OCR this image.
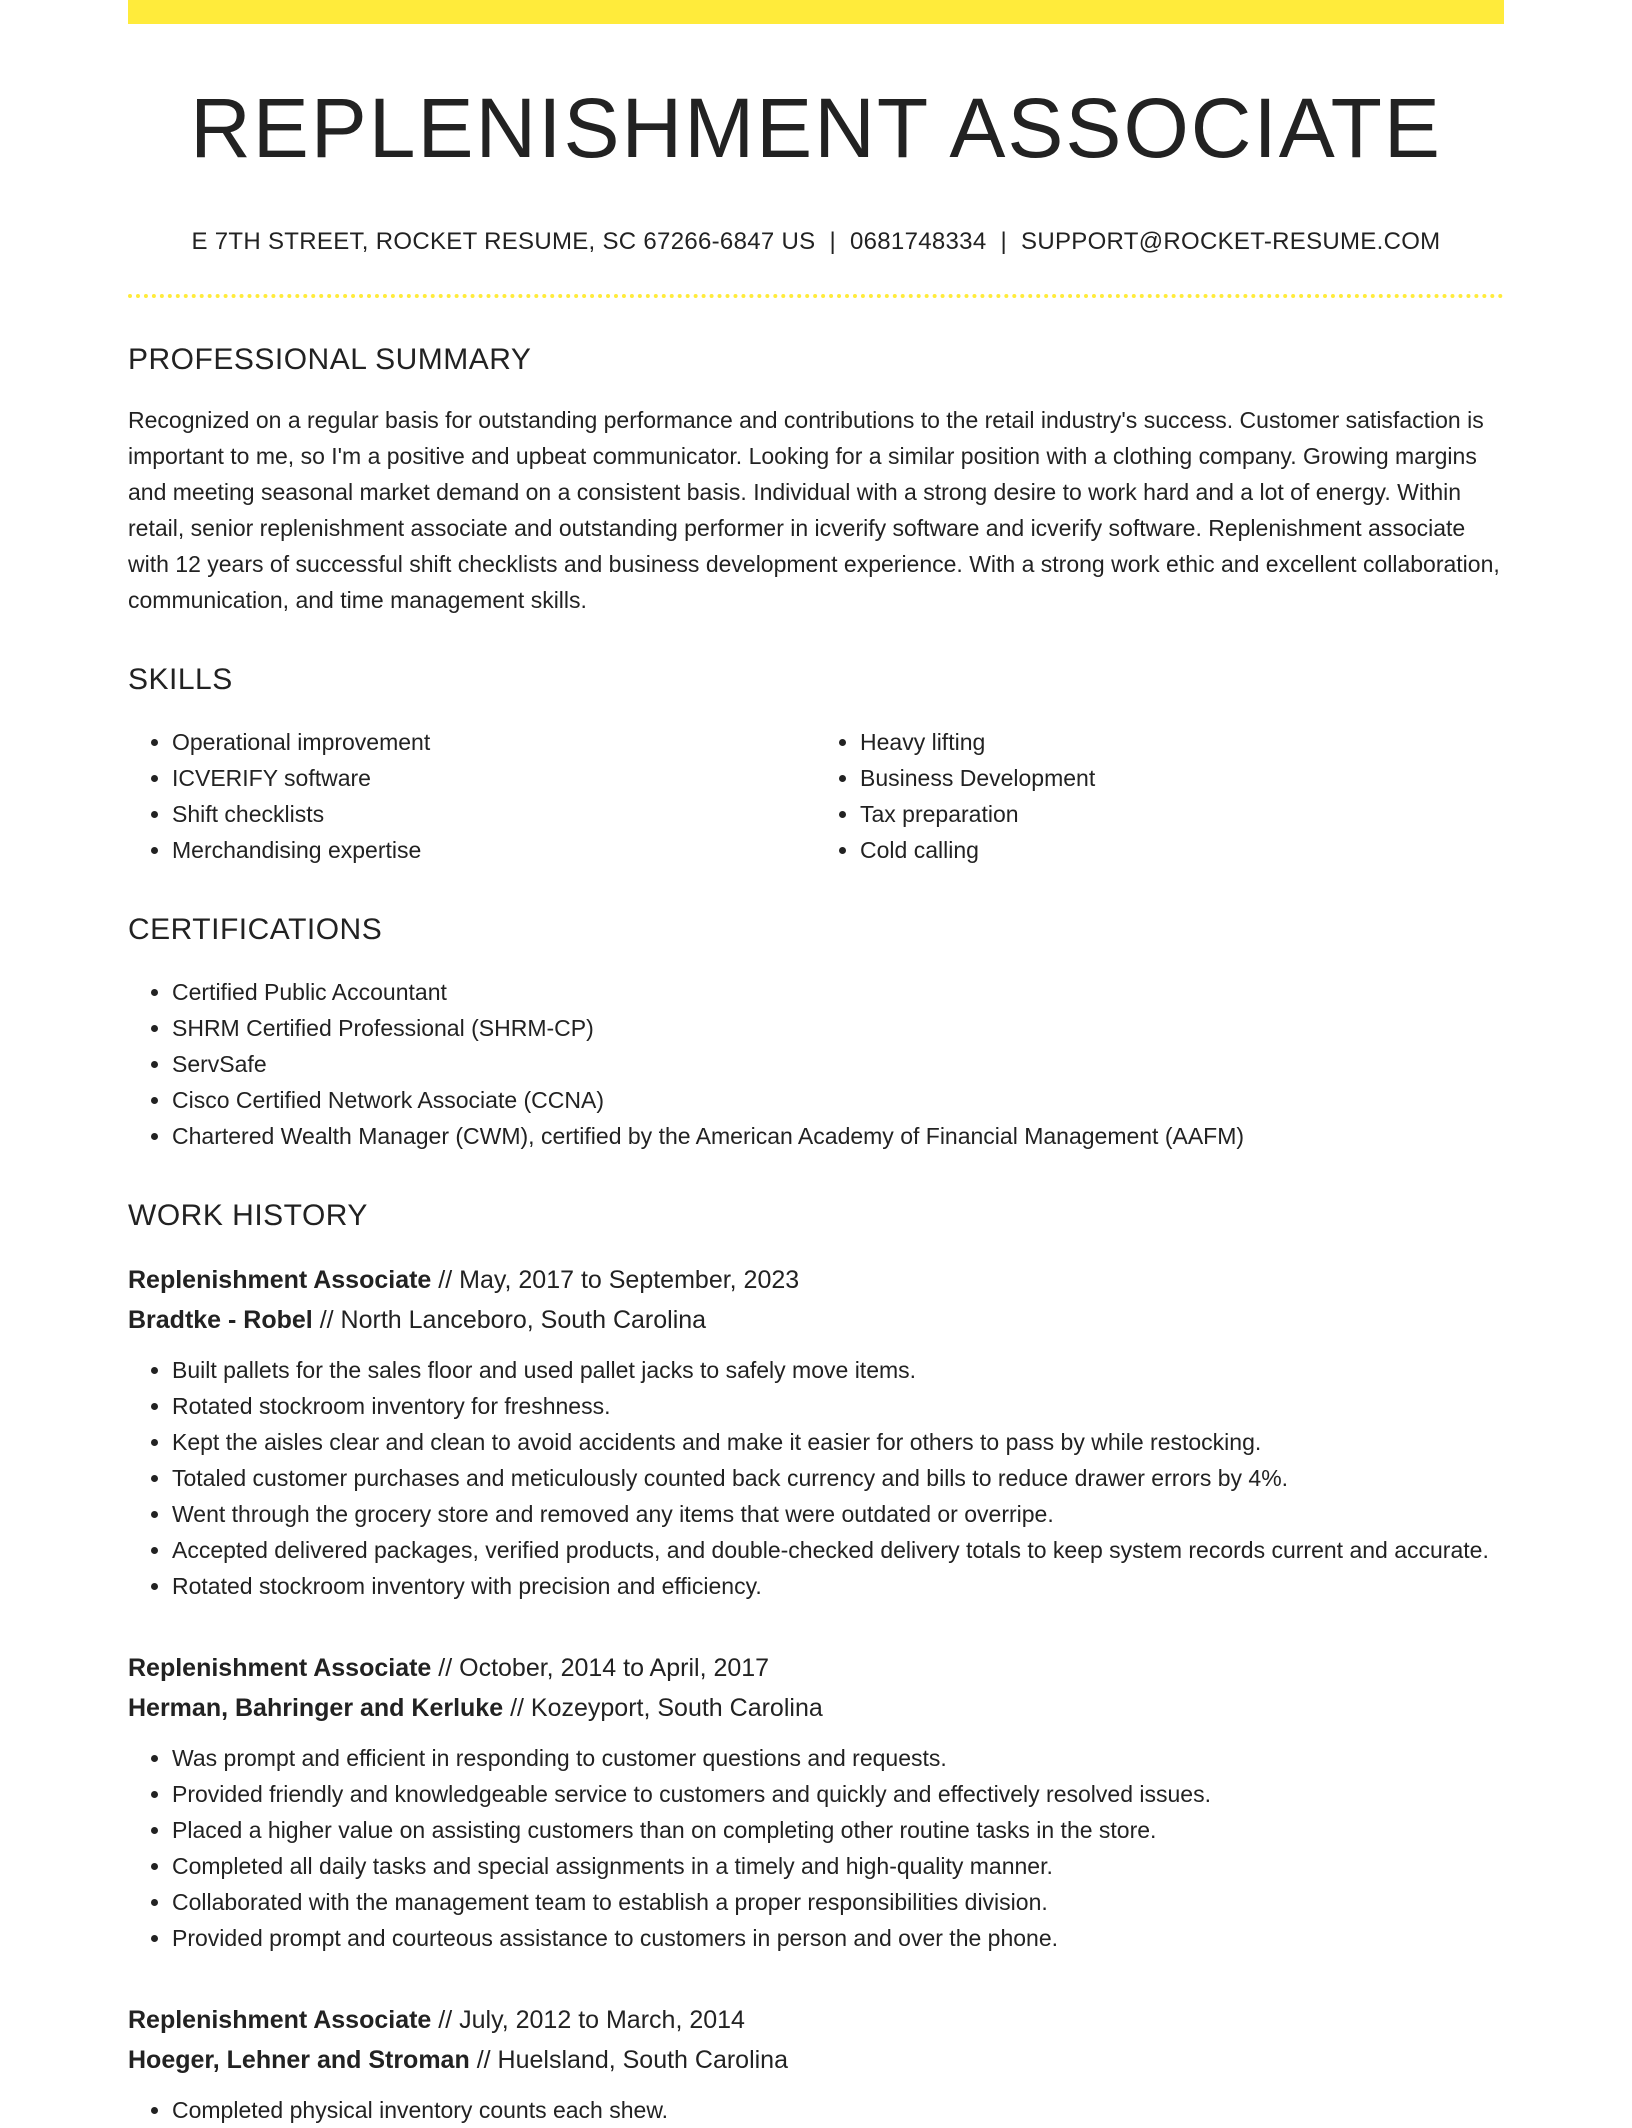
REPLENISHMENT ASSOCIATE
E 7TH STREET, ROCKET RESUME, SC 67266-6847 US | 0681748334 | SUPPORT@ROCKET-RESUME.COM
PROFESSIONAL SUMMARY
Recognized on a regular basis for outstanding performance and contributions to the retail industry's success. Customer satisfaction is important to me, so I'm a positive and upbeat communicator. Looking for a similar position with a clothing company. Growing margins and meeting seasonal market demand on a consistent basis. Individual with a strong desire to work hard and a lot of energy. Within retail, senior replenishment associate and outstanding performer in icverify software and icverify software. Replenishment associate with 12 years of successful shift checklists and business development experience. With a strong work ethic and excellent collaboration, communication, and time management skills.
SKILLS
• Operational improvement
• ICVERIFY software
• Shift checklists
• Merchandising expertise
• Heavy lifting
• Business Development
• Tax preparation
• Cold calling
CERTIFICATIONS
• Certified Public Accountant
• SHRM Certified Professional (SHRM-CP)
• ServSafe
• Cisco Certified Network Associate (CCNA)
• Chartered Wealth Manager (CWM), certified by the American Academy of Financial Management (AAFM)
WORK HISTORY
Replenishment Associate // May, 2017 to September, 2023
Bradtke - Robel // North Lanceboro, South Carolina
• Built pallets for the sales floor and used pallet jacks to safely move items.
• Rotated stockroom inventory for freshness.
• Kept the aisles clear and clean to avoid accidents and make it easier for others to pass by while restocking.
• Totaled customer purchases and meticulously counted back currency and bills to reduce drawer errors by 4%.
• Went through the grocery store and removed any items that were outdated or overripe.
• Accepted delivered packages, verified products, and double-checked delivery totals to keep system records current and accurate.
• Rotated stockroom inventory with precision and efficiency.
Replenishment Associate // October, 2014 to April, 2017
Herman, Bahringer and Kerluke // Kozeyport, South Carolina
• Was prompt and efficient in responding to customer questions and requests.
• Provided friendly and knowledgeable service to customers and quickly and effectively resolved issues.
• Placed a higher value on assisting customers than on completing other routine tasks in the store.
• Completed all daily tasks and special assignments in a timely and high-quality manner.
• Collaborated with the management team to establish a proper responsibilities division.
• Provided prompt and courteous assistance to customers in person and over the phone.
Replenishment Associate // July, 2012 to March, 2014
Hoeger, Lehner and Stroman // Huelsland, South Carolina
• Completed physical inventory counts each shew.
